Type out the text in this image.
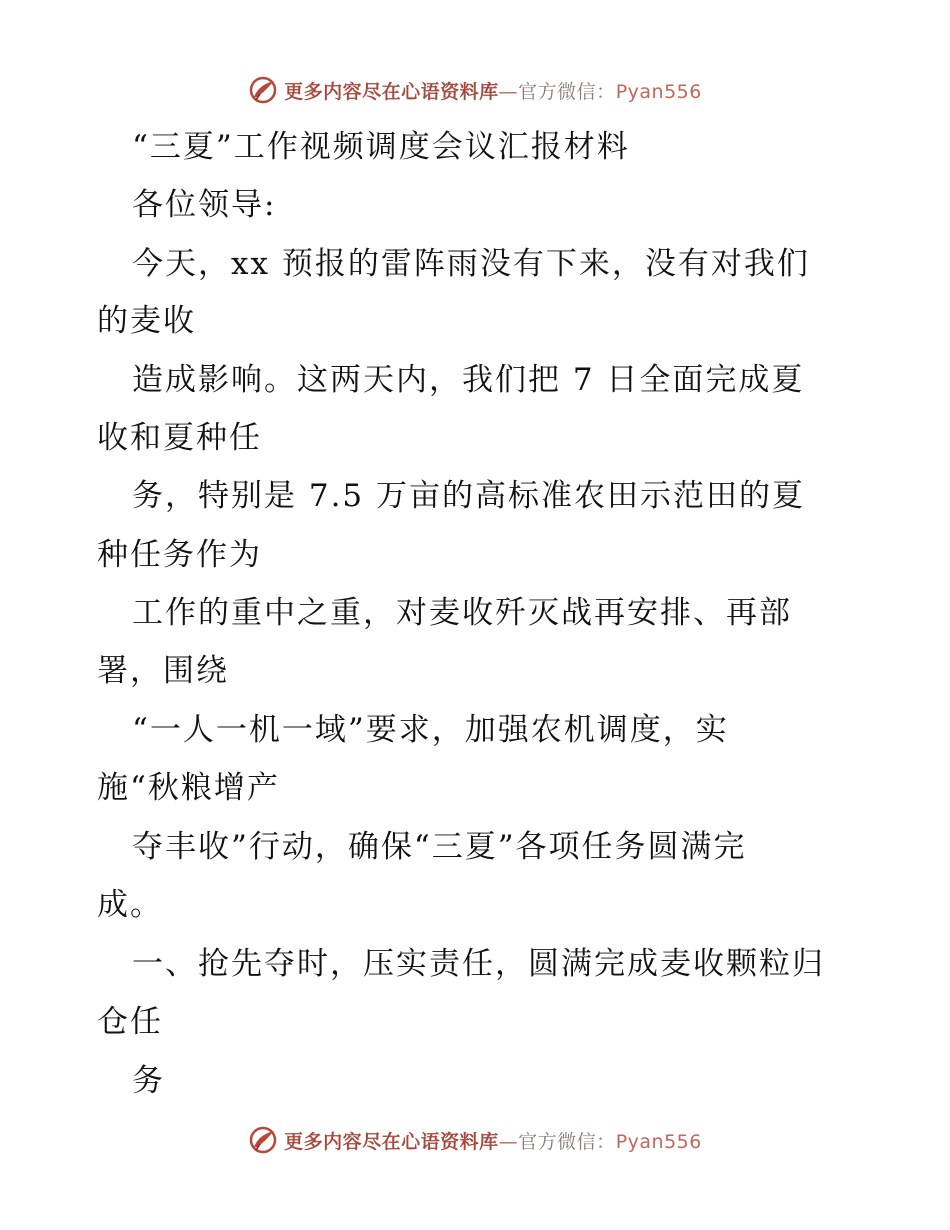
更多内容尽在心语资料库—官方微信：Pyan556
“三夏”工作视频调度会议汇报材料
各位领导:
今天，xx 预报的雷阵雨没有下来，没有对我们
的麦收
造成影响。这两天内，我们把 7 日全面完成夏
收和夏种任
务，特别是 7.5 万亩的高标准农田示范田的夏
种任务作为
工作的重中之重，对麦收歼灭战再安排、再部
署，围绕
“一人一机一域”要求，加强农机调度，实
施“秋粮增产
夺丰收”行动，确保“三夏”各项任务圆满完
成。
一、抢先夺时，压实责任，圆满完成麦收颗粒归
仓任
务
更多内容尽在心语资料库—官方微信：Pyan556
